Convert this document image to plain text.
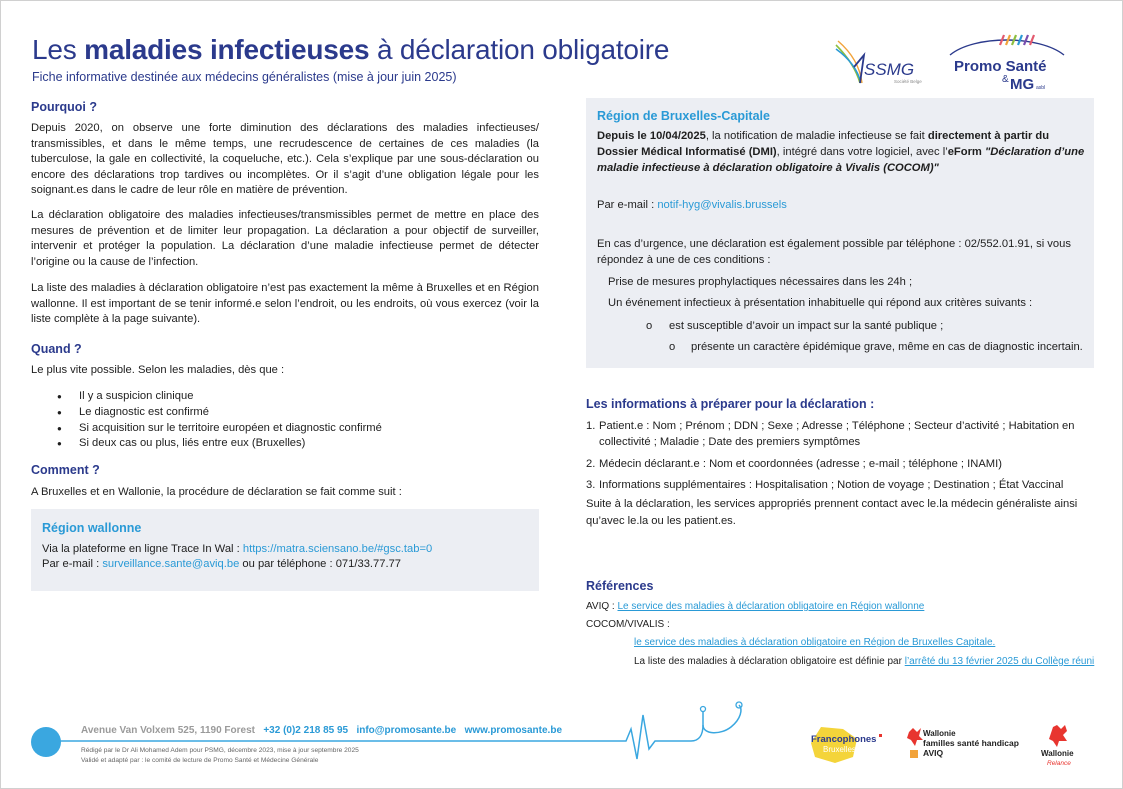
Les maladies infectieuses à déclaration obligatoire
Fiche informative destinée aux médecins généralistes (mise à jour juin 2025)	SSMG
Société Belge
Promo Santé
& MG asbl
Pourquoi ?

Depuis 2020, on observe une forte diminution des déclarations des maladies infectieuses/ transmissibles, et dans le même temps, une recrudescence de certaines de ces maladies (la tuberculose, la gale en collectivité, la coqueluche, etc.). Cela s’explique par une sous-déclaration ou encore des déclarations trop tardives ou incomplètes. Or il s’agit d’une obligation légale pour les soignant.es dans le cadre de leur rôle en matière de prévention.

La déclaration obligatoire des maladies infectieuses/transmissibles permet de mettre en place des mesures de prévention et de limiter leur propagation. La déclaration a pour objectif de surveiller, intervenir et protéger la population. La déclaration d’une maladie infectieuse permet de détecter l’origine ou la cause de l’infection.

La liste des maladies à déclaration obligatoire n’est pas exactement la même à Bruxelles et en Région wallonne. Il est important de se tenir informé.e selon l’endroit, ou les endroits, où vous exercez (voir la liste complète à la page suivante).

Quand ?
Le plus vite possible. Selon les maladies, dès que :
● Il y a suspicion clinique
● Le diagnostic est confirmé
● Si acquisition sur le territoire européen et diagnostic confirmé
● Si deux cas ou plus, liés entre eux (Bruxelles)
Comment ?
A Bruxelles et en Wallonie, la procédure de déclaration se fait comme suit :
Région wallonne
Via la plateforme en ligne Trace In Wal : https://matra.sciensano.be/#gsc.tab=0
Par e-mail : surveillance.sante@aviq.be ou par téléphone : 071/33.77.77
Région de Bruxelles-Capitale
Depuis le 10/04/2025, la notification de maladie infectieuse se fait directement à partir du
Dossier Médical Informatisé (DMI), intégré dans votre logiciel, avec l’eForm "Déclaration d’une
maladie infectieuse à déclaration obligatoire à Vivalis (COCOM)"
Par e-mail : notif-hyg@vivalis.brussels
En cas d’urgence, une déclaration est également possible par téléphone : 02/552.01.91, si vous
répondez à une de ces conditions :
Prise de mesures prophylactiques nécessaires dans les 24h ;
Un événement infectieux à présentation inhabituelle qui répond aux critères suivants :
o est susceptible d’avoir un impact sur la santé publique ;
o présente un caractère épidémique grave, même en cas de diagnostic incertain.
Les informations à préparer pour la déclaration :
1. Patient.e : Nom ; Prénom ; DDN ; Sexe ; Adresse ; Téléphone ; Secteur d’activité ; Habitation en
collectivité ; Maladie ; Date des premiers symptômes
2. Médecin déclarant.e : Nom et coordonnées (adresse ; e-mail ; téléphone ; INAMI)
3. Informations supplémentaires : Hospitalisation ; Notion de voyage ; Destination ; État Vaccinal
Suite à la déclaration, les services appropriés prennent contact avec le.la médecin généraliste ainsi
qu’avec le.la ou les patient.es.
Références
AVIQ : Le service des maladies à déclaration obligatoire en Région wallonne
COCOM/VIVALIS :
le service des maladies à déclaration obligatoire en Région de Bruxelles Capitale.
La liste des maladies à déclaration obligatoire est définie par l’arrêté du 13 février 2025 du Collège réuni
Avenue Van Volxem 525, 1190 Forest +32 (0)2 218 85 95 info@promosante.be www.promosante.be
Rédigé par le Dr Ali Mohamed Adem pour PSMG, décembre 2023, mise à jour septembre 2025
Validé et adapté par : le comité de lecture de Promo Santé et Médecine Générale
Francophones
Bruxelles
Wallonie
familles santé handicap
AVIQ	Wallonie
Relance
